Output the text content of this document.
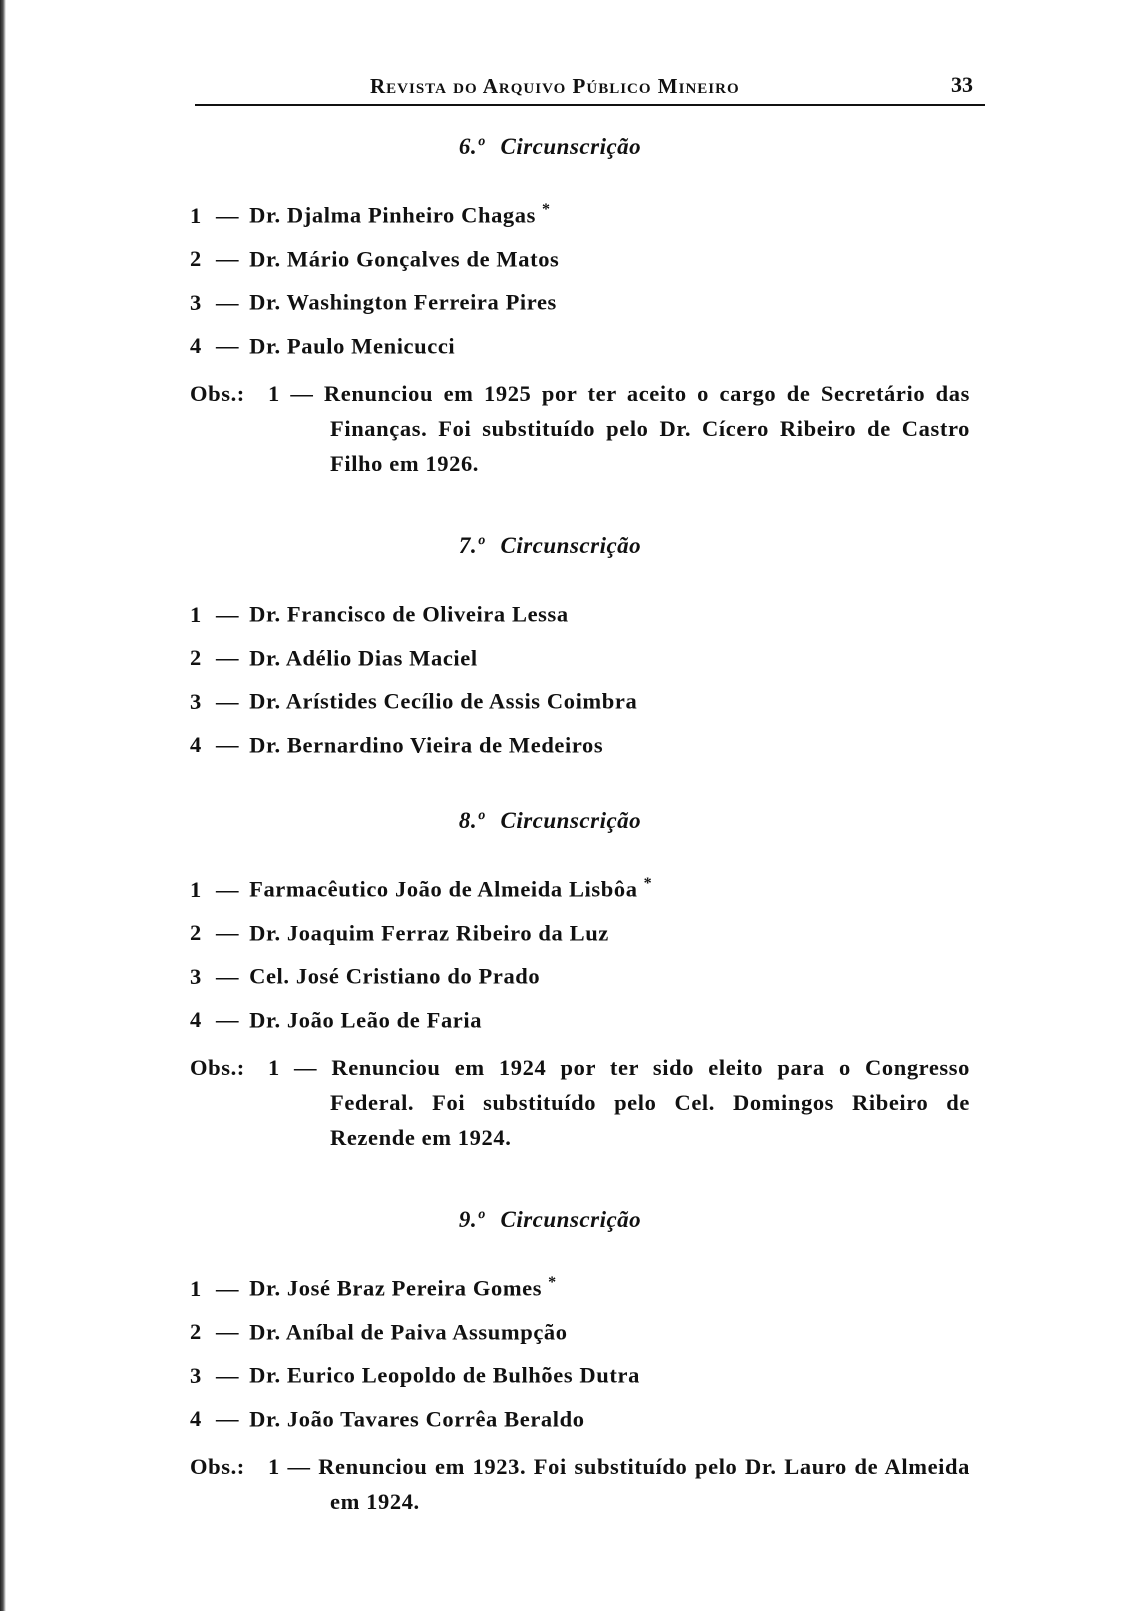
Revista do Arquivo Público Mineiro	33
6.º Circunscrição
1 — Dr. Djalma Pinheiro Chagas *
2 — Dr. Mário Gonçalves de Matos
3 — Dr. Washington Ferreira Pires
4 — Dr. Paulo Menicucci
Obs.: 1 — Renunciou em 1925 por ter aceito o cargo de Secretário das Finanças. Foi substituído pelo Dr. Cícero Ribeiro de Castro Filho em 1926.
7.º Circunscrição
1 — Dr. Francisco de Oliveira Lessa
2 — Dr. Adélio Dias Maciel
3 — Dr. Arístides Cecílio de Assis Coimbra
4 — Dr. Bernardino Vieira de Medeiros
8.º Circunscrição
1 — Farmacêutico João de Almeida Lisbôa *
2 — Dr. Joaquim Ferraz Ribeiro da Luz
3 — Cel. José Cristiano do Prado
4 — Dr. João Leão de Faria
Obs.: 1 — Renunciou em 1924 por ter sido eleito para o Congresso Federal. Foi substituído pelo Cel. Domingos Ribeiro de Rezende em 1924.
9.º Circunscrição
1 — Dr. José Braz Pereira Gomes *
2 — Dr. Aníbal de Paiva Assumpção
3 — Dr. Eurico Leopoldo de Bulhões Dutra
4 — Dr. João Tavares Corrêa Beraldo
Obs.: 1 — Renunciou em 1923. Foi substituído pelo Dr. Lauro de Almeida em 1924.
